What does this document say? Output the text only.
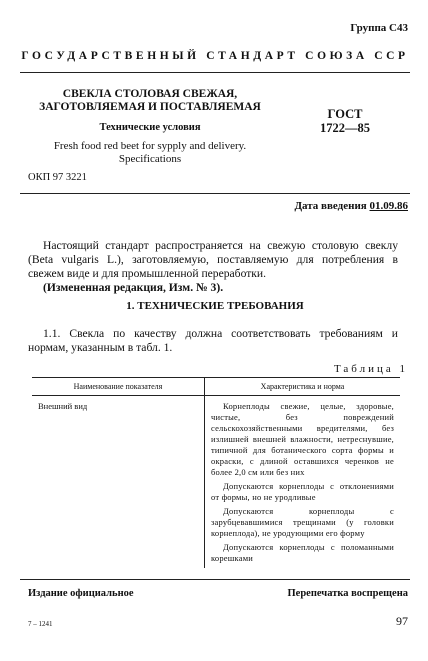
Группа С43
ГОСУДАРСТВЕННЫЙ СТАНДАРТ СОЮЗА ССР
СВЕКЛА СТОЛОВАЯ СВЕЖАЯ,
ЗАГОТОВЛЯЕМАЯ И ПОСТАВЛЯЕМАЯ
Технические условия
Fresh food red beet for sypply and delivery.
Specifications
ГОСТ
1722—85
ОКП 97 3221
Дата введения 01.09.86
Настоящий стандарт распространяется на свежую столовую свеклу (Beta vulgaris L.), заготовляемую, поставляемую для потребления в свежем виде и для промышленной переработки.
(Измененная редакция, Изм. № 3).
1. ТЕХНИЧЕСКИЕ ТРЕБОВАНИЯ
1.1. Свекла по качеству должна соответствовать требованиям и нормам, указанным в табл. 1.
Таблица 1
Наименование показателя	Характеристика и норма
Внешний вид	Корнеплоды свежие, целые, здоровые, чистые, без повреждений сельскохозяйственными вредителями, без излишней внешней влажности, нетреснувшие, типичной для ботанического сорта формы и окраски, с длиной оставшихся черенков не более 2,0 см или без них

Допускаются корнеплоды с отклонениями от формы, но не уродливые

Допускаются корнеплоды с зарубцевавшимися трещинами (у головки корнеплода), не уродующими его форму

Допускаются корнеплоды с поломанными корешками

Издание официальное	Перепечатка воспрещена
7 – 1241	97
